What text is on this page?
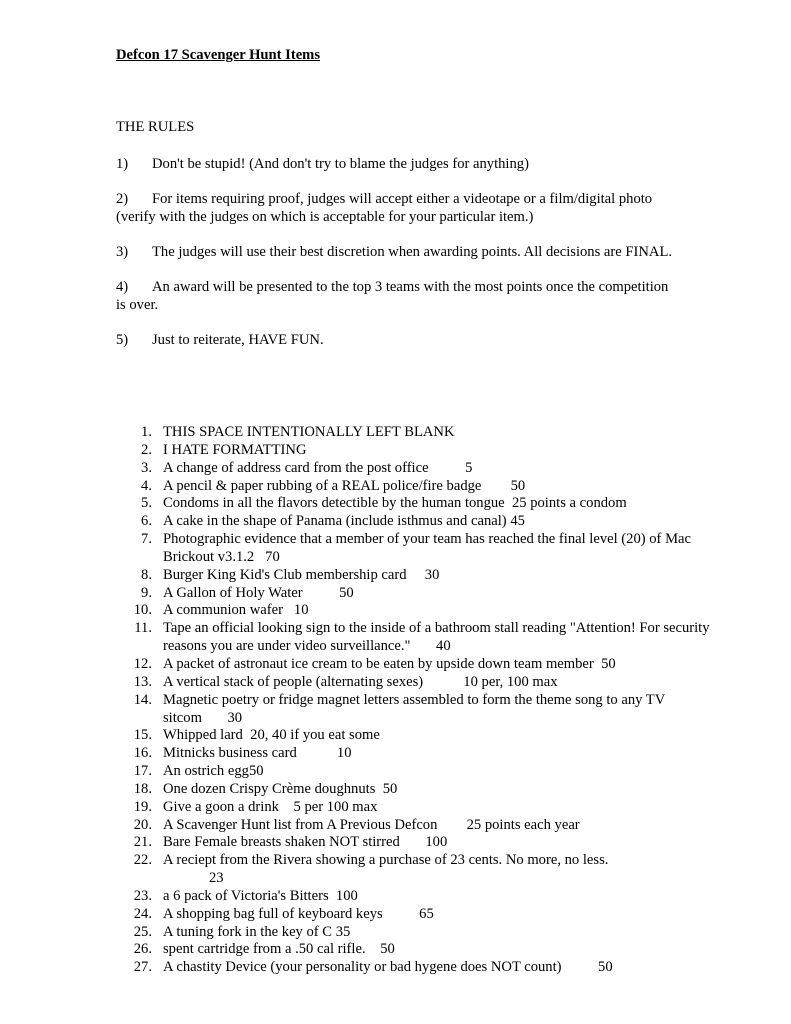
Defcon 17 Scavenger Hunt Items
THE RULES

1) Don't be stupid! (And don't try to blame the judges for anything)

2) For items requiring proof, judges will accept either a videotape or a film/digital photo (verify with the judges on which is acceptable for your particular item.)

3) The judges will use their best discretion when awarding points. All decisions are FINAL.

4) An award will be presented to the top 3 teams with the most points once the competition is over.

5) Just to reiterate, HAVE FUN.

1. THIS SPACE INTENTIONALLY LEFT BLANK
2. I HATE FORMATTING
3. A change of address card from the post office 5
4. A pencil & paper rubbing of a REAL police/fire badge 50
5. Condoms in all the flavors detectible by the human tongue 25 points a condom
6. A cake in the shape of Panama (include isthmus and canal) 45
7. Photographic evidence that a member of your team has reached the final level (20) of Mac Brickout v3.1.2 70
8. Burger King Kid's Club membership card 30
9. A Gallon of Holy Water 50
10. A communion wafer 10
11. Tape an official looking sign to the inside of a bathroom stall reading "Attention! For security reasons you are under video surveillance." 40
12. A packet of astronaut ice cream to be eaten by upside down team member 50
13. A vertical stack of people (alternating sexes)	10 per, 100 max
14. Magnetic poetry or fridge magnet letters assembled to form the theme song to any TV sitcom 30
15. Whipped lard 20, 40 if you eat some
16. Mitnicks business card	10
17. An ostrich egg50
18. One dozen Crispy Crème doughnuts 50
19. Give a goon a drink 5 per 100 max
20. A Scavenger Hunt list from A Previous Defcon 25 points each year
21. Bare Female breasts shaken NOT stirred 100
22. A reciept from the Rivera showing a purchase of 23 cents. No more, no less.
23
23. a 6 pack of Victoria's Bitters 100
24. A shopping bag full of keyboard keys 65
25. A tuning fork in the key of C 35
26. spent cartridge from a .50 cal rifle. 50
27. A chastity Device (your personality or bad hygene does NOT count) 50
